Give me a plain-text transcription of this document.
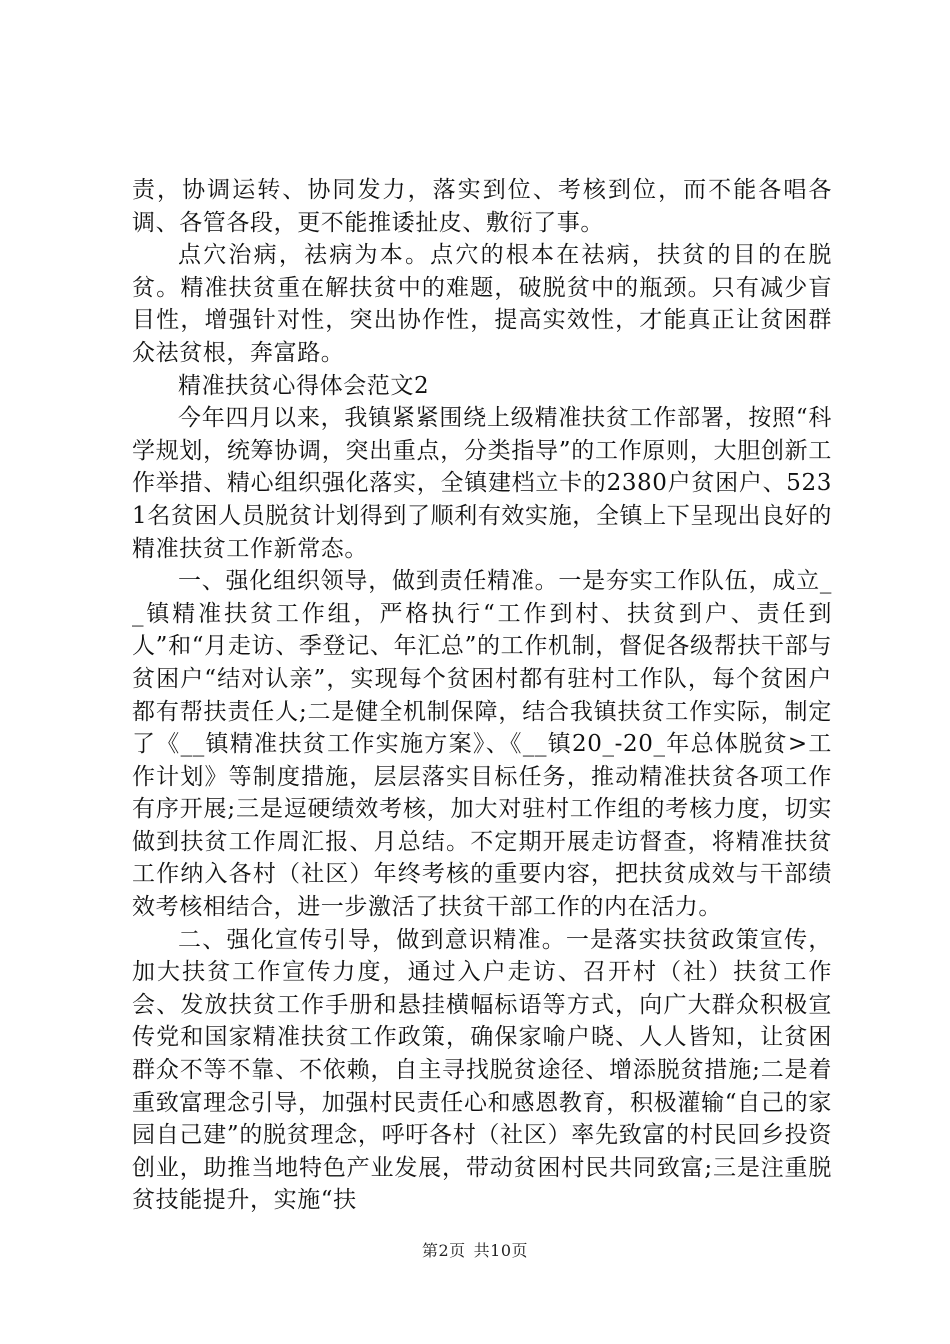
责，协调运转、协同发力，落实到位、考核到位，而不能各唱各调、各管各段，更不能推诿扯皮、敷衍了事。

点穴治病，祛病为本。点穴的根本在祛病，扶贫的目的在脱贫。精准扶贫重在解扶贫中的难题，破脱贫中的瓶颈。只有减少盲目性，增强针对性，突出协作性，提高实效性，才能真正让贫困群众祛贫根，奔富路。

精准扶贫心得体会范文2

今年四月以来，我镇紧紧围绕上级精准扶贫工作部署，按照“科学规划，统筹协调，突出重点，分类指导”的工作原则，大胆创新工作举措、精心组织强化落实，全镇建档立卡的2380户贫困户、5231名贫困人员脱贫计划得到了顺利有效实施，全镇上下呈现出良好的精准扶贫工作新常态。

一、强化组织领导，做到责任精准。一是夯实工作队伍，成立__镇精准扶贫工作组，严格执行“工作到村、扶贫到户、责任到人”和“月走访、季登记、年汇总”的工作机制，督促各级帮扶干部与贫困户“结对认亲”，实现每个贫困村都有驻村工作队，每个贫困户都有帮扶责任人;二是健全机制保障，结合我镇扶贫工作实际，制定了《__镇精准扶贫工作实施方案》、《__镇20_-20_年总体脱贫>工作计划》等制度措施，层层落实目标任务，推动精准扶贫各项工作有序开展;三是逗硬绩效考核，加大对驻村工作组的考核力度，切实做到扶贫工作周汇报、月总结。不定期开展走访督查，将精准扶贫工作纳入各村（社区）年终考核的重要内容，把扶贫成效与干部绩效考核相结合，进一步激活了扶贫干部工作的内在活力。

二、强化宣传引导，做到意识精准。一是落实扶贫政策宣传，加大扶贫工作宣传力度，通过入户走访、召开村（社）扶贫工作会、发放扶贫工作手册和悬挂横幅标语等方式，向广大群众积极宣传党和国家精准扶贫工作政策，确保家喻户晓、人人皆知，让贫困群众不等不靠、不依赖，自主寻找脱贫途径、增添脱贫措施;二是着重致富理念引导，加强村民责任心和感恩教育，积极灌输“自己的家园自己建”的脱贫理念，呼吁各村（社区）率先致富的村民回乡投资创业，助推当地特色产业发展，带动贫困村民共同致富;三是注重脱贫技能提升，实施“扶

第2页 共10页
